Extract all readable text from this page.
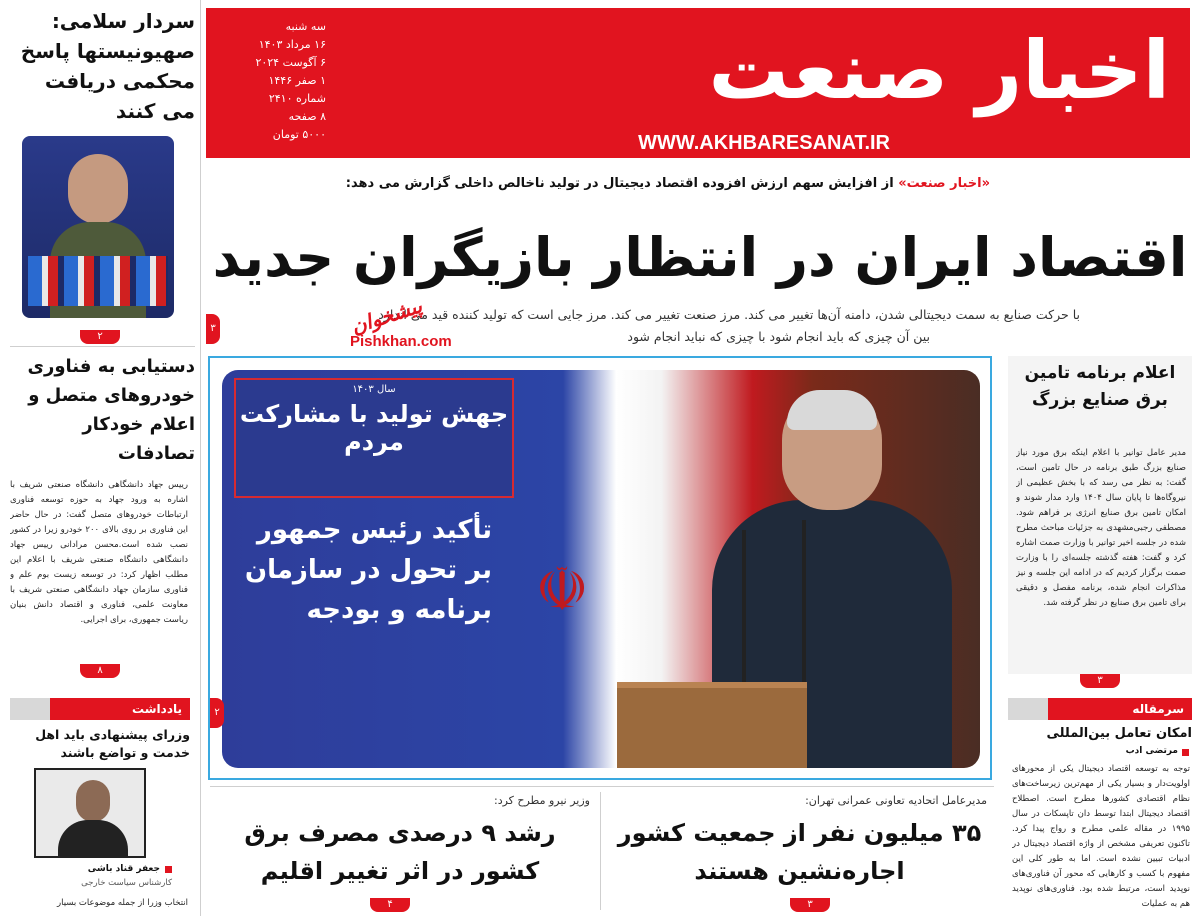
اخبار صنعت
WWW.AKHBARESANAT.IR
سه شنبه
۱۶ مرداد ۱۴۰۳
۶ آگوست ۲۰۲۴
۱ صفر ۱۴۴۶
شماره ۲۴۱۰
۸ صفحه
۵۰۰۰ تومان
سردار سلامی: صهیونیستها پاسخ محکمی دریافت می کنند
۲
دستیابی به فناوری خودروهای متصل و اعلام خودکار تصادفات
رییس جهاد دانشگاهی دانشگاه صنعتی شریف با اشاره به ورود جهاد به حوزه توسعه فناوری ارتباطات خودروهای متصل گفت: در حال حاضر این فناوری بر روی بالای ۲۰۰ خودرو زیرا در کشور نصب شده است.محسن مرادانی رییس جهاد دانشگاهی دانشگاه صنعتی شریف با اعلام این مطلب اظهار کرد: در توسعه زیست بوم علم و فناوری سازمان جهاد دانشگاهی صنعتی شریف با معاونت علمی، فناوری و اقتصاد دانش بنیان ریاست جمهوری، برای اجرایی.
۸
یادداشت
وزرای پیشنهادی باید اهل خدمت و تواضع باشند
جعفر قناد باشی
کارشناس سیاست خارجی
انتخاب وزرا از جمله موضوعات بسیار
«اخبار صنعت» از افزایش سهم ارزش افزوده اقتصاد دیجیتال در تولید ناخالص داخلی گزارش می دهد:
اقتصاد ایران در انتظار بازیگران جدید
۳
با حرکت صنایع به سمت دیجیتالی شدن، دامنه آن‌ها تغییر می کند. مرز صنعت تغییر می کند. مرز جایی است که تولید کننده قید می اندازد
بین آن چیزی که باید انجام شود با چیزی که نباید انجام شود
پیشخوان
Pishkhan.com
سال ۱۴۰۳
جهش تولید با مشارکت مردم
تأکید رئیس جمهور بر تحول در سازمان برنامه و بودجه ☫
۲
اعلام برنامه تامین برق صنایع بزرگ
مدیر عامل توانیر با اعلام اینکه برق مورد نیاز صنایع بزرگ طبق برنامه در حال تامین است، گفت: به نظر می رسد که با بخش عظیمی از نیروگاه‌ها تا پایان سال ۱۴۰۴ وارد مدار شوند و امکان تامین برق صنایع انرژی بر فراهم شود. مصطفی رجبی‌مشهدی به جزئیات مباحث مطرح شده در جلسه اخیر توانیر با وزارت صمت اشاره کرد و گفت: هفته گذشته جلسه‌ای را با وزارت صمت برگزار کردیم که در ادامه این جلسه و نیز مذاکرات انجام شده، برنامه مفصل و دقیقی برای تامین برق صنایع در نظر گرفته شد.
۳
سرمقاله
امکان تعامل بین‌المللی
مرتضی ادب
توجه به توسعه اقتصاد دیجیتال یکی از محورهای اولویت‌دار و بسیار یکی از مهم‌ترین زیرساخت‌های نظام اقتصادی کشورها مطرح است. اصطلاح اقتصاد دیجیتال ابتدا توسط دان تاپسکات در سال ۱۹۹۵ در مقاله علمی مطرح و رواج پیدا کرد. تاکنون تعریفی مشخص از واژه اقتصاد دیجیتال در ادبیات تبیین نشده است. اما به طور کلی این مفهوم با کسب و کارهایی که محور آن فناوری‌های نوپدید است، مرتبط شده بود. فناوری‌های نوپدید هم به عملیات
مدیرعامل اتحادیه تعاونی عمرانی تهران:
۳۵ میلیون نفر از جمعیت کشور اجاره‌نشین هستند
۳
وزیر نیرو مطرح کرد:
رشد ۹ درصدی مصرف برق کشور در اثر تغییر اقلیم
۴
